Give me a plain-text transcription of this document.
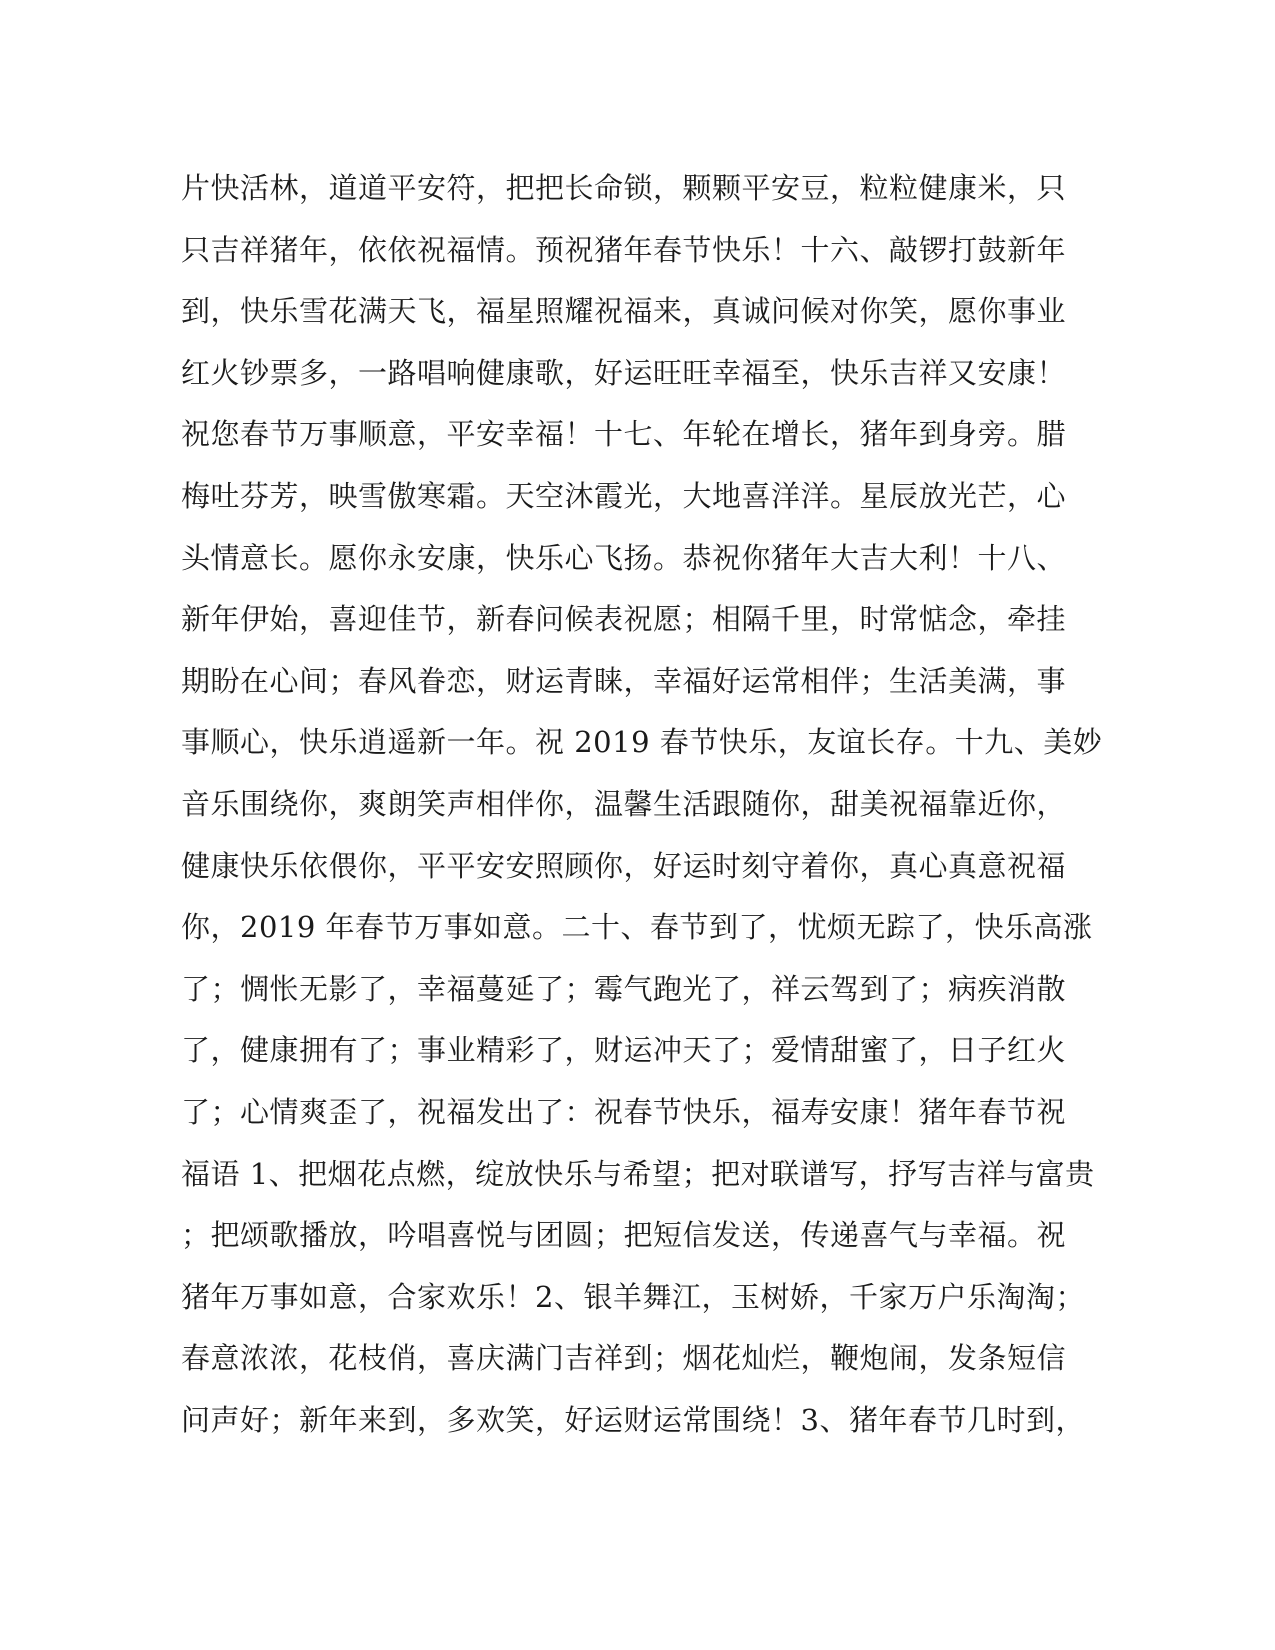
片快活林，道道平安符，把把长命锁，颗颗平安豆，粒粒健康米，只
只吉祥猪年，依依祝福情。预祝猪年春节快乐！十六、敲锣打鼓新年
到，快乐雪花满天飞，福星照耀祝福来，真诚问候对你笑，愿你事业
红火钞票多，一路唱响健康歌，好运旺旺幸福至，快乐吉祥又安康！
祝您春节万事顺意，平安幸福！十七、年轮在增长，猪年到身旁。腊
梅吐芬芳，映雪傲寒霜。天空沐霞光，大地喜洋洋。星辰放光芒，心
头情意长。愿你永安康，快乐心飞扬。恭祝你猪年大吉大利！十八、
新年伊始，喜迎佳节，新春问候表祝愿；相隔千里，时常惦念，牵挂
期盼在心间；春风眷恋，财运青睐，幸福好运常相伴；生活美满，事
事顺心，快乐逍遥新一年。祝 2019 春节快乐，友谊长存。十九、美妙
音乐围绕你，爽朗笑声相伴你，温馨生活跟随你，甜美祝福靠近你，
健康快乐依偎你，平平安安照顾你，好运时刻守着你，真心真意祝福
你，2019 年春节万事如意。二十、春节到了，忧烦无踪了，快乐高涨
了；惆怅无影了，幸福蔓延了；霉气跑光了，祥云驾到了；病疾消散
了，健康拥有了；事业精彩了，财运冲天了；爱情甜蜜了，日子红火
了；心情爽歪了，祝福发出了：祝春节快乐，福寿安康！猪年春节祝
福语 1、把烟花点燃，绽放快乐与希望；把对联谱写，抒写吉祥与富贵
；把颂歌播放，吟唱喜悦与团圆；把短信发送，传递喜气与幸福。祝
猪年万事如意，合家欢乐！2、银羊舞江，玉树娇，千家万户乐淘淘；
春意浓浓，花枝俏，喜庆满门吉祥到；烟花灿烂，鞭炮闹，发条短信
问声好；新年来到，多欢笑，好运财运常围绕！3、猪年春节几时到，
